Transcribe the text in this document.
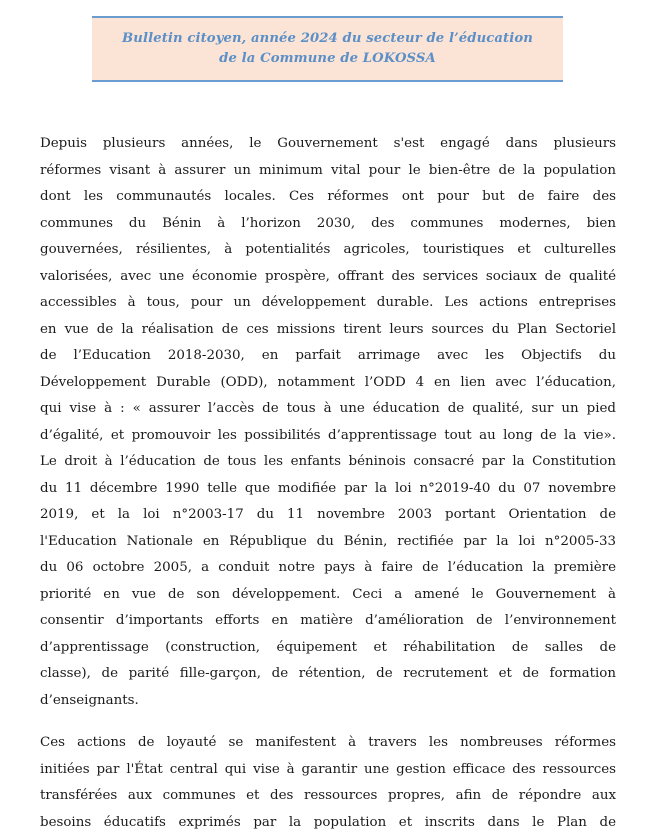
Bulletin citoyen, année 2024 du secteur de l’éducation
de la Commune de LOKOSSA
Depuis plusieurs années, le Gouvernement s'est engagé dans plusieurs
réformes visant à assurer un minimum vital pour le bien-être de la population
dont les communautés locales. Ces réformes ont pour but de faire des
communes du Bénin à l’horizon 2030, des communes modernes, bien
gouvernées, résilientes, à potentialités agricoles, touristiques et culturelles
valorisées, avec une économie prospère, offrant des services sociaux de qualité
accessibles à tous, pour un développement durable. Les actions entreprises
en vue de la réalisation de ces missions tirent leurs sources du Plan Sectoriel
de l’Education 2018-2030, en parfait arrimage avec les Objectifs du
Développement Durable (ODD), notamment l’ODD 4 en lien avec l’éducation,
qui vise à : « assurer l’accès de tous à une éducation de qualité, sur un pied
d’égalité, et promouvoir les possibilités d’apprentissage tout au long de la vie».
Le droit à l’éducation de tous les enfants béninois consacré par la Constitution
du 11 décembre 1990 telle que modifiée par la loi n°2019-40 du 07 novembre
2019, et la loi n°2003-17 du 11 novembre 2003 portant Orientation de
l'Education Nationale en République du Bénin, rectifiée par la loi n°2005-33
du 06 octobre 2005, a conduit notre pays à faire de l’éducation la première
priorité en vue de son développement. Ceci a amené le Gouvernement à
consentir d’importants efforts en matière d’amélioration de l’environnement
d’apprentissage (construction, équipement et réhabilitation de salles de
classe), de parité fille-garçon, de rétention, de recrutement et de formation
d’enseignants.
Ces actions de loyauté se manifestent à travers les nombreuses réformes
initiées par l'État central qui vise à garantir une gestion efficace des ressources
transférées aux communes et des ressources propres, afin de répondre aux
besoins éducatifs exprimés par la population et inscrits dans le Plan de
